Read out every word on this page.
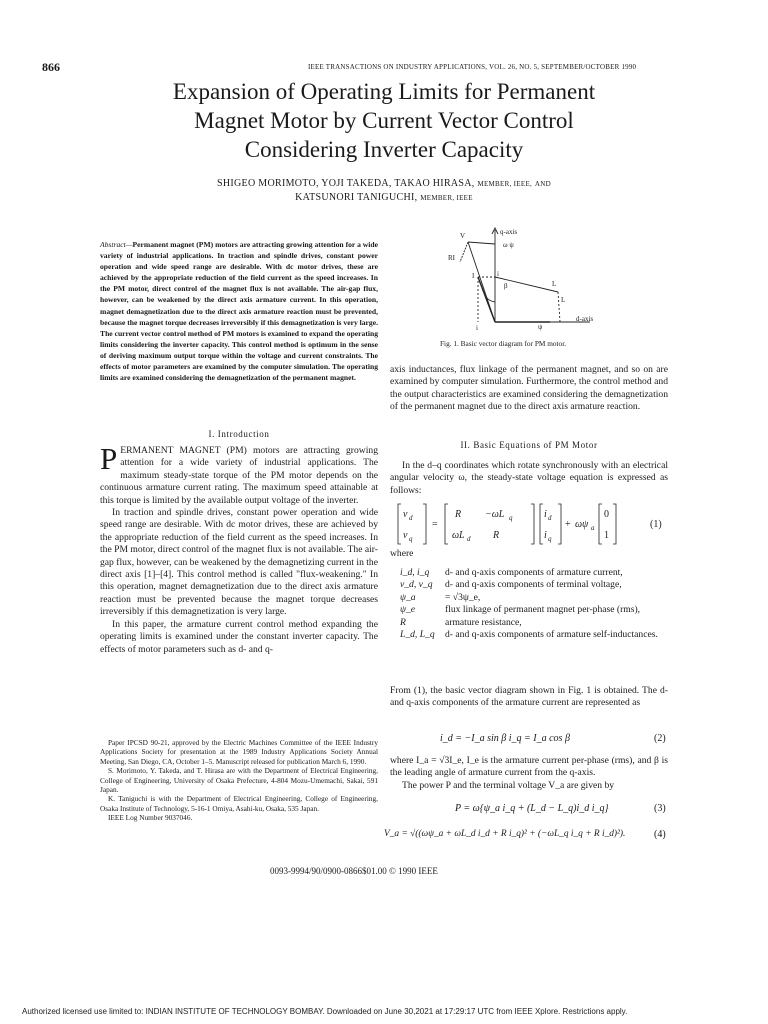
866	IEEE TRANSACTIONS ON INDUSTRY APPLICATIONS, VOL. 26, NO. 5, SEPTEMBER/OCTOBER 1990
Expansion of Operating Limits for Permanent
Magnet Motor by Current Vector Control
Considering Inverter Capacity
SHIGEO MORIMOTO, YOJI TAKEDA, TAKAO HIRASA, MEMBER, IEEE, AND
KATSUNORI TANIGUCHI, MEMBER, IEEE
Abstract—Permanent magnet (PM) motors are attracting growing attention for a wide variety of industrial applications. In traction and spindle drives, constant power operation and wide speed range are desirable. With dc motor drives, these are achieved by the appropriate reduction of the field current as the speed increases. In the PM motor, direct control of the magnet flux is not available. The air-gap flux, however, can be weakened by the direct axis armature current. In this operation, magnet demagnetization due to the direct axis armature reaction must be prevented, because the magnet torque decreases irreversibly if this demagnetization is very large. The current vector control method of PM motors is examined to expand the operating limits considering the inverter capacity. This control method is optimum in the sense of deriving maximum output torque within the voltage and current constraints. The effects of motor parameters are examined by the computer simulation. The operating limits are examined considering the demagnetization of the permanent magnet.
I. Introduction

PERMANENT MAGNET (PM) motors are attracting growing attention for a wide variety of industrial applications. The maximum steady-state torque of the PM motor depends on the continuous armature current rating. The maximum speed attainable at this torque is limited by the available output voltage of the inverter.

In traction and spindle drives, constant power operation and wide speed range are desirable. With dc motor drives, these are achieved by the appropriate reduction of the field current as the speed increases. In the PM motor, direct control of the magnet flux is not available. The air-gap flux, however, can be weakened by the demagnetizing current in the direct axis [1]–[4]. This control method is called "flux-weakening." In this operation, magnet demagnetization due to the direct axis armature reaction must be prevented because the magnet torque decreases irreversibly if this demagnetization is very large.

In this paper, the armature current control method expanding the operating limits is examined under the constant inverter capacity. The effects of motor parameters such as d- and q-

Paper IPCSD 90-21, approved by the Electric Machines Committee of the IEEE Industry Applications Society for presentation at the 1989 Industry Applications Society Annual Meeting, San Diego, CA, October 1–5. Manuscript released for publication March 6, 1990.

S. Morimoto, Y. Takeda, and T. Hirasa are with the Department of Electrical Engineering, College of Engineering, University of Osaka Prefecture, 4-804 Mozu-Umemachi, Sakai, 591 Japan.

K. Taniguchi is with the Department of Electrical Engineering, College of Engineering, Osaka Institute of Technology, 5-16-1 Omiya, Asahi-ku, Osaka, 535 Japan.

IEEE Log Number 9037046.

q-axis
d-axis
V
ω ψ
RI
I	i
β	L
L
i	ψ
Fig. 1. Basic vector diagram for PM motor.
axis inductances, flux linkage of the permanent magnet, and so on are examined by computer simulation. Furthermore, the control method and the output characteristics are examined considering the demagnetization of the permanent magnet due to the direct axis armature reaction.
II. Basic Equations of PM Motor

In the d–q coordinates which rotate synchronously with an electrical angular velocity ω, the steady-state voltage equation is expressed as follows:

v d
v q
=
R −ωL q
ωL d R
i d
i q
+ ωψ a
0
1
(1)
where
i_d, i_q	d- and q-axis components of armature current,
v_d, v_q	d- and q-axis components of terminal voltage,
ψ_a	= √3ψ_e,
ψ_e	flux linkage of permanent magnet per-phase (rms),
R	armature resistance,
L_d, L_q	d- and q-axis components of armature self-inductances.

From (1), the basic vector diagram shown in Fig. 1 is obtained. The d- and q-axis components of the armature current are represented as

i_d = −I_a sin β i_q = I_a cos β	(2)

where I_a = √3I_e, I_e is the armature current per-phase (rms), and β is the leading angle of armature current from the q-axis.

The power P and the terminal voltage V_a are given by

P = ω{ψ_a i_q + (L_d − L_q)i_d i_q}	(3)
V_a = √((ωψ_a + ωL_d i_d + R i_q)² + (−ωL_q i_q + R i_d)²).	(4)
0093-9994/90/0900-0866$01.00 © 1990 IEEE
Authorized licensed use limited to: INDIAN INSTITUTE OF TECHNOLOGY BOMBAY. Downloaded on June 30,2021 at 17:29:17 UTC from IEEE Xplore. Restrictions apply.
